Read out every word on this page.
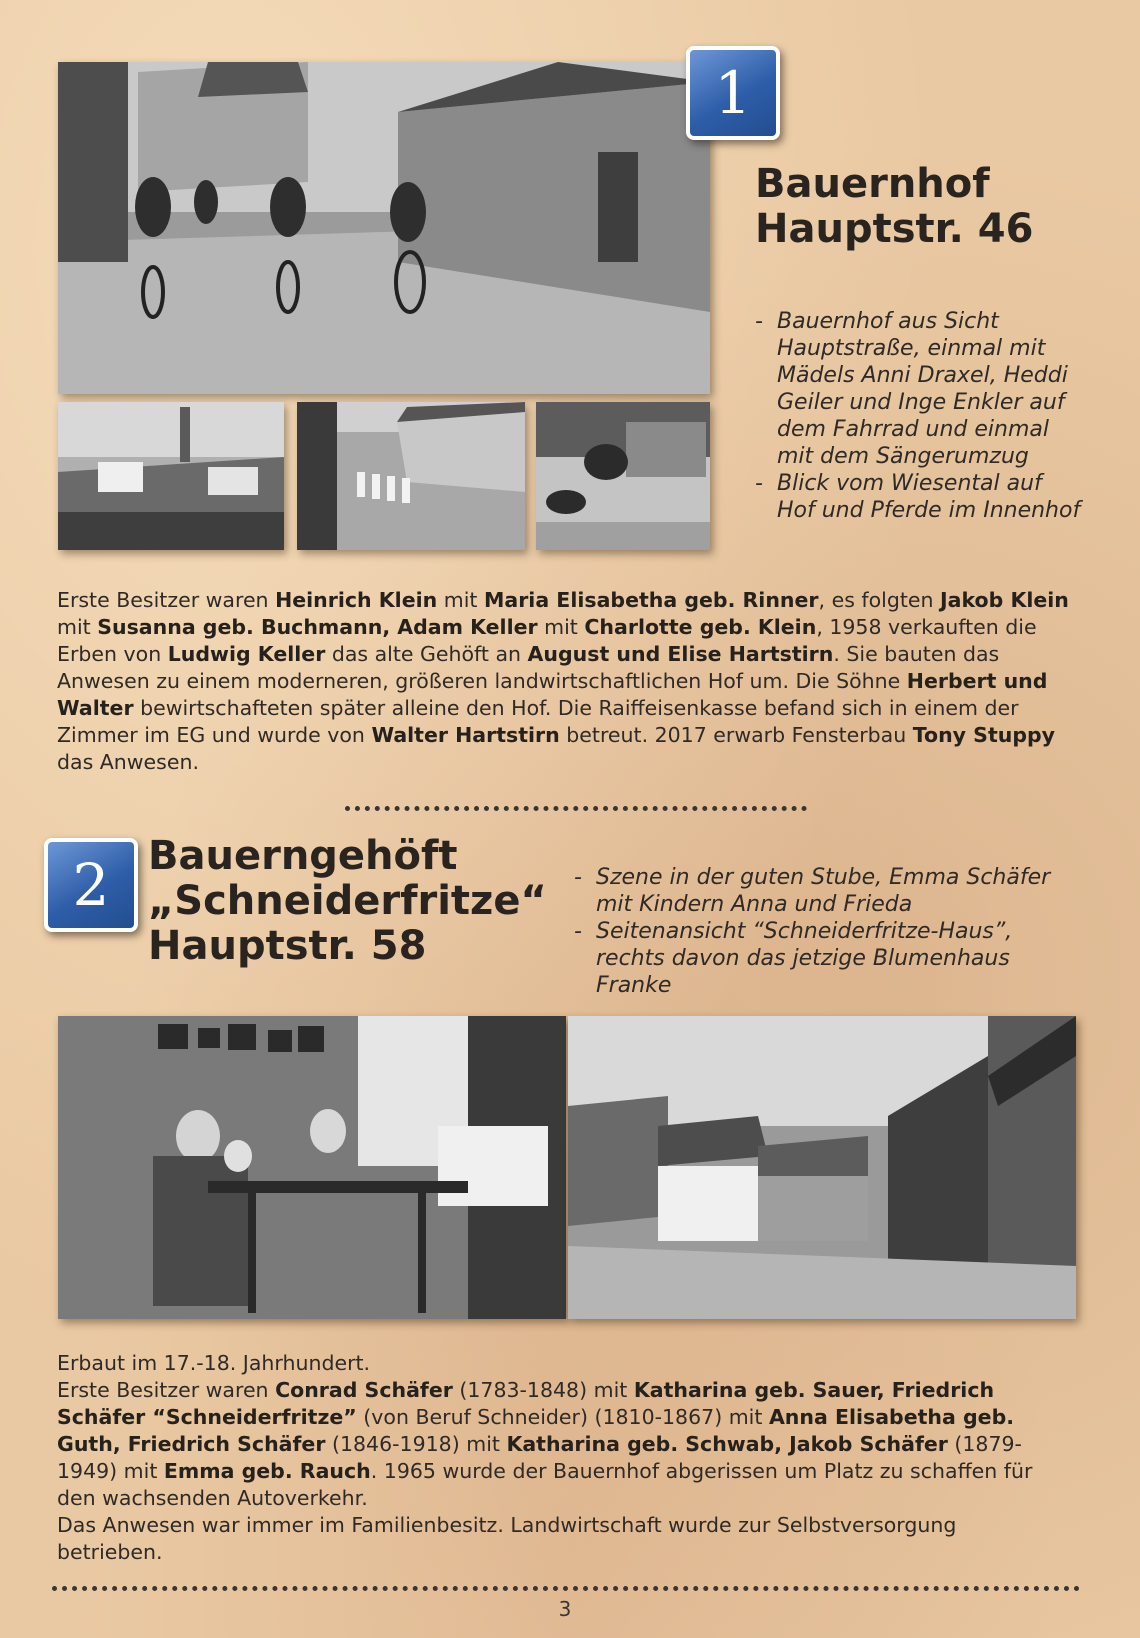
1
Bauernhof
Hauptstr. 46
- Bauernhof aus Sicht Hauptstraße, einmal mit Mädels Anni Draxel, Heddi Geiler und Inge Enkler auf dem Fahrrad und einmal mit dem Sängerumzug
- Blick vom Wiesental auf Hof und Pferde im Innenhof

Erste Besitzer waren Heinrich Klein mit Maria Elisabetha geb. Rinner, es folgten Jakob Klein mit Susanna geb. Buchmann, Adam Keller mit Charlotte geb. Klein, 1958 verkauften die Erben von Ludwig Keller das alte Gehöft an August und Elise Hartstirn. Sie bauten das Anwesen zu einem moderneren, größeren landwirtschaftlichen Hof um. Die Söhne Herbert und Walter bewirtschafteten später alleine den Hof. Die Raiffeisenkasse befand sich in einem der Zimmer im EG und wurde von Walter Hartstirn betreut. 2017 erwarb Fensterbau Tony Stuppy das Anwesen.

2 Bauerngehöft
„Schneiderfritze“
Hauptstr. 58
- Szene in der guten Stube, Emma Schäfer mit Kindern Anna und Frieda
- Seitenansicht “Schneiderfritze-Haus”, rechts davon das jetzige Blumenhaus Franke

Erbaut im 17.-18. Jahrhundert.
Erste Besitzer waren Conrad Schäfer (1783-1848) mit Katharina geb. Sauer, Friedrich Schäfer “Schneiderfritze” (von Beruf Schneider) (1810-1867) mit Anna Elisabetha geb. Guth, Friedrich Schäfer (1846-1918) mit Katharina geb. Schwab, Jakob Schäfer (1879-1949) mit Emma geb. Rauch. 1965 wurde der Bauernhof abgerissen um Platz zu schaffen für den wachsenden Autoverkehr.
Das Anwesen war immer im Familienbesitz. Landwirtschaft wurde zur Selbstversorgung betrieben.

3
